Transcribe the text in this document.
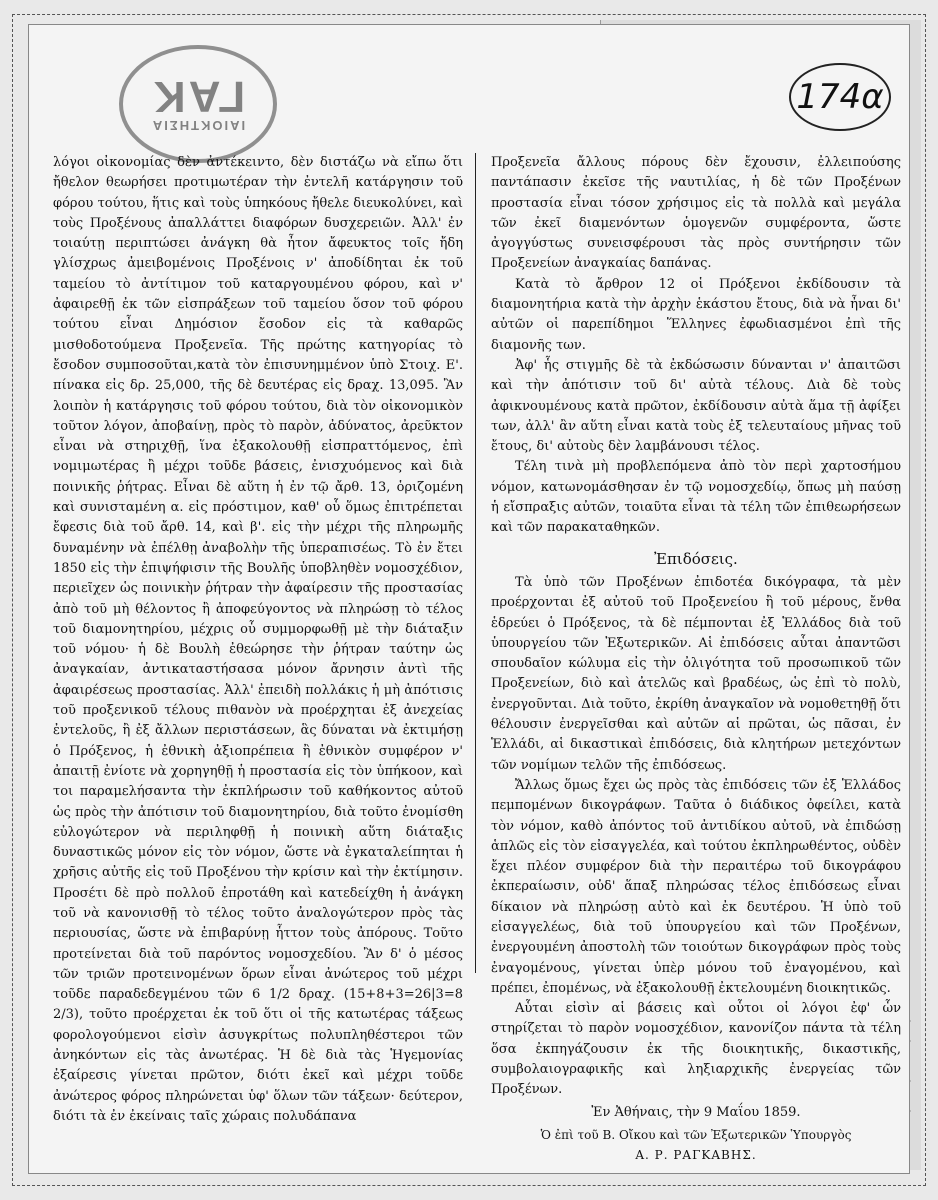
ΙΑΙΟΚΤΗΣΙΑ
ΓΑΚ	174α

λόγοι οἰκονομίας δὲν ἀντέκειντο, δὲν διστάζω νὰ εἴπω ὅτι ἤθελον θεωρήσει προτιμωτέραν τὴν ἐντελῆ κατάργησιν τοῦ φόρου τούτου, ἥτις καὶ τοὺς ὑπηκόους ἤθελε διευκολύνει, καὶ τοὺς Προξένους ἀπαλλάττει διαφόρων δυσχερειῶν. Ἀλλ' ἐν τοιαύτῃ περιπτώσει ἀνάγκη θὰ ἦτον ἄφευκτος τοῖς ἤδη γλίσχρως ἀμειβομένοις Προξένοις ν' ἀποδίδηται ἐκ τοῦ ταμείου τὸ ἀντίτιμον τοῦ καταργουμένου φόρου, καὶ ν' ἀφαιρεθῇ ἐκ τῶν εἰσπράξεων τοῦ ταμείου ὅσον τοῦ φόρου τούτου εἶναι Δημόσιον ἔσοδον εἰς τὰ καθαρῶς μισθοδοτούμενα Προξενεῖα. Τῆς πρώτης κατηγορίας τὸ ἔσοδον συμποσοῦται,κατὰ τὸν ἐπισυνημμένον ὑπὸ Στοιχ. Ε'. πίνακα εἰς δρ. 25,000, τῆς δὲ δευτέρας εἰς δραχ. 13,095. Ἂν λοιπὸν ἡ κατάργησις τοῦ φόρου τούτου, διὰ τὸν οἰκονομικὸν τοῦτον λόγον, ἀποβαίνῃ, πρὸς τὸ παρὸν, ἀδύνατος, ἀρεῦκτον εἶναι νὰ στηριχθῇ, ἵνα ἐξακολουθῇ εἰσπραττόμενος, ἐπὶ νομιμωτέρας ἢ μέχρι τοῦδε βάσεις, ἐνισχυόμενος καὶ διὰ ποινικῆς ῥήτρας. Εἶναι δὲ αὕτη ἡ ἐν τῷ ἄρθ. 13, ὁριζομένη καὶ συνισταμένη α. εἰς πρόστιμον, καθ' οὗ ὅμως ἐπιτρέπεται ἔφεσις διὰ τοῦ ἄρθ. 14, καὶ β'. εἰς τὴν μέχρι τῆς πληρωμῆς δυναμένην νὰ ἐπέλθῃ ἀναβολὴν τῆς ὑπεραπισέως. Τὸ ἐν ἔτει 1850 εἰς τὴν ἐπιψήφισιν τῆς Βουλῆς ὑποβληθὲν νομοσχέδιον, περιεῖχεν ὡς ποινικὴν ῥήτραν τὴν ἀφαίρεσιν τῆς προστασίας ἀπὸ τοῦ μὴ θέλοντος ἢ ἀποφεύγοντος νὰ πληρώσῃ τὸ τέλος τοῦ διαμονητηρίου, μέχρις οὗ συμμορφωθῇ μὲ τὴν διάταξιν τοῦ νόμου· ἡ δὲ Βουλὴ ἐθεώρησε τὴν ῥήτραν ταύτην ὡς ἀναγκαίαν, ἀντικαταστήσασα μόνον ἄρνησιν ἀντὶ τῆς ἀφαιρέσεως προστασίας. Ἀλλ' ἐπειδὴ πολλάκις ἡ μὴ ἀπότισις τοῦ προξενικοῦ τέλους πιθανὸν νὰ προέρχηται ἐξ ἀνεχείας ἐντελοῦς, ἢ ἐξ ἄλλων περιστάσεων, ἃς δύναται νὰ ἐκτιμήσῃ ὁ Πρόξενος, ἡ ἐθνικὴ ἀξιοπρέπεια ἢ ἐθνικὸν συμφέρον ν' ἀπαιτῇ ἐνίοτε νὰ χορηγηθῇ ἡ προστασία εἰς τὸν ὑπήκοον, καὶ τοι παραμελήσαντα τὴν ἐκπλήρωσιν τοῦ καθήκοντος αὐτοῦ ὡς πρὸς τὴν ἀπότισιν τοῦ διαμονητηρίου, διὰ τοῦτο ἐνομίσθη εὐλογώτερον νὰ περιληφθῇ ἡ ποινικὴ αὕτη διάταξις δυναστικῶς μόνον εἰς τὸν νόμον, ὥστε νὰ ἐγκαταλείπηται ἡ χρῆσις αὐτῆς εἰς τοῦ Προξένου τὴν κρίσιν καὶ τὴν ἐκτίμησιν. Προσέτι δὲ πρὸ πολλοῦ ἐπροτάθη καὶ κατεδείχθη ἡ ἀνάγκη τοῦ νὰ κανονισθῇ τὸ τέλος τοῦτο ἀναλογώτερον πρὸς τὰς περιουσίας, ὥστε νὰ ἐπιβαρύνῃ ἧττον τοὺς ἀπόρους. Τοῦτο προτείνεται διὰ τοῦ παρόντος νομοσχεδίου. Ἂν δ' ὁ μέσος τῶν τριῶν προτεινομένων ὅρων εἶναι ἀνώτερος τοῦ μέχρι τοῦδε παραδεδεγμένου τῶν 6 1/2 δραχ. (15+8+3=26|3=8 2/3), τοῦτο προέρχεται ἐκ τοῦ ὅτι οἱ τῆς κατωτέρας τάξεως φορολογούμενοι εἰσὶν ἀσυγκρίτως πολυπληθέστεροι τῶν ἀνηκόντων εἰς τὰς ἀνωτέρας. Ἡ δὲ διὰ τὰς Ἡγεμονίας ἐξαίρεσις γίνεται πρῶτον, διότι ἐκεῖ καὶ μέχρι τοῦδε ἀνώτερος φόρος πληρώνεται ὑφ' ὅλων τῶν τάξεων· δεύτερον, διότι τὰ ἐν ἐκείναις ταῖς χώραις πολυδάπανα

Προξενεῖα ἄλλους πόρους δὲν ἔχουσιν, ἐλλειπούσης παντάπασιν ἐκεῖσε τῆς ναυτιλίας, ἡ δὲ τῶν Προξένων προστασία εἶναι τόσον χρήσιμος εἰς τὰ πολλὰ καὶ μεγάλα τῶν ἐκεῖ διαμενόντων ὁμογενῶν συμφέροντα, ὥστε ἀγογγύστως συνεισφέρουσι τὰς πρὸς συντήρησιν τῶν Προξενείων ἀναγκαίας δαπάνας.

Κατὰ τὸ ἄρθρον 12 οἱ Πρόξενοι ἐκδίδουσιν τὰ διαμονητήρια κατὰ τὴν ἀρχὴν ἑκάστου ἔτους, διὰ νὰ ἦναι δι' αὐτῶν οἱ παρεπίδημοι Ἕλληνες ἐφωδιασμένοι ἐπὶ τῆς διαμονῆς των.

Ἀφ' ἧς στιγμῆς δὲ τὰ ἐκδώσωσιν δύνανται ν' ἀπαιτῶσι καὶ τὴν ἀπότισιν τοῦ δι' αὐτὰ τέλους. Διὰ δὲ τοὺς ἀφικνουμένους κατὰ πρῶτον, ἐκδίδουσιν αὐτὰ ἅμα τῇ ἀφίξει των, ἀλλ' ἂν αὕτη εἶναι κατὰ τοὺς ἐξ τελευταίους μῆνας τοῦ ἔτους, δι' αὐτοὺς δὲν λαμβάνουσι τέλος.

Τέλη τινὰ μὴ προβλεπόμενα ἀπὸ τὸν περὶ χαρτοσήμου νόμον, κατωνομάσθησαν ἐν τῷ νομοσχεδίῳ, ὅπως μὴ παύσῃ ἡ εἴσπραξις αὐτῶν, τοιαῦτα εἶναι τὰ τέλη τῶν ἐπιθεωρήσεων καὶ τῶν παρακαταθηκῶν.

Ἐπιδόσεις.

Τὰ ὑπὸ τῶν Προξένων ἐπιδοτέα δικόγραφα, τὰ μὲν προέρχονται ἐξ αὐτοῦ τοῦ Προξενείου ἢ τοῦ μέρους, ἔνθα ἑδρεύει ὁ Πρόξενος, τὰ δὲ πέμπονται ἐξ Ἑλλάδος διὰ τοῦ ὑπουργείου τῶν Ἐξωτερικῶν. Αἱ ἐπιδόσεις αὗται ἀπαντῶσι σπουδαῖον κώλυμα εἰς τὴν ὀλιγότητα τοῦ προσωπικοῦ τῶν Προξενείων, διὸ καὶ ἀτελῶς καὶ βραδέως, ὡς ἐπὶ τὸ πολὺ, ἐνεργοῦνται. Διὰ τοῦτο, ἐκρίθη ἀναγκαῖον νὰ νομοθετηθῇ ὅτι θέλουσιν ἐνεργεῖσθαι καὶ αὐτῶν αἱ πρῶται, ὡς πᾶσαι, ἐν Ἑλλάδι, αἱ δικαστικαὶ ἐπιδόσεις, διὰ κλητήρων μετεχόντων τῶν νομίμων τελῶν τῆς ἐπιδόσεως.

Ἄλλως ὅμως ἔχει ὡς πρὸς τὰς ἐπιδόσεις τῶν ἐξ Ἑλλάδος πεμπομένων δικογράφων. Ταῦτα ὁ διάδικος ὀφείλει, κατὰ τὸν νόμον, καθὸ ἀπόντος τοῦ ἀντιδίκου αὐτοῦ, νὰ ἐπιδώσῃ ἁπλῶς εἰς τὸν εἰσαγγελέα, καὶ τούτου ἐκπληρωθέντος, οὐδὲν ἔχει πλέον συμφέρον διὰ τὴν περαιτέρω τοῦ δικογράφου ἐκπεραίωσιν, οὐδ' ἅπαξ πληρώσας τέλος ἐπιδόσεως εἶναι δίκαιον νὰ πληρώσῃ αὐτὸ καὶ ἐκ δευτέρου. Ἡ ὑπὸ τοῦ εἰσαγγελέως, διὰ τοῦ ὑπουργείου καὶ τῶν Προξένων, ἐνεργουμένη ἀποστολὴ τῶν τοιούτων δικογράφων πρὸς τοὺς ἐναγομένους, γίνεται ὑπὲρ μόνου τοῦ ἐναγομένου, καὶ πρέπει, ἐπομένως, νὰ ἐξακολουθῇ ἐκτελουμένη διοικητικῶς.

Αὗται εἰσὶν αἱ βάσεις καὶ οὗτοι οἱ λόγοι ἐφ' ὧν στηρίζεται τὸ παρὸν νομοσχέδιον, κανονίζον πάντα τὰ τέλη ὅσα ἐκπηγάζουσιν ἐκ τῆς διοικητικῆς, δικαστικῆς, συμβολαιογραφικῆς καὶ ληξιαρχικῆς ἐνεργείας τῶν Προξένων.

Ἐν Ἀθήναις, τὴν 9 Μαΐου 1859.
Ὁ ἐπὶ τοῦ Β. Οἴκου καὶ τῶν Ἐξωτερικῶν Ὑπουργὸς
Α. Ρ. ΡΑΓΚΑΒΗΣ.
